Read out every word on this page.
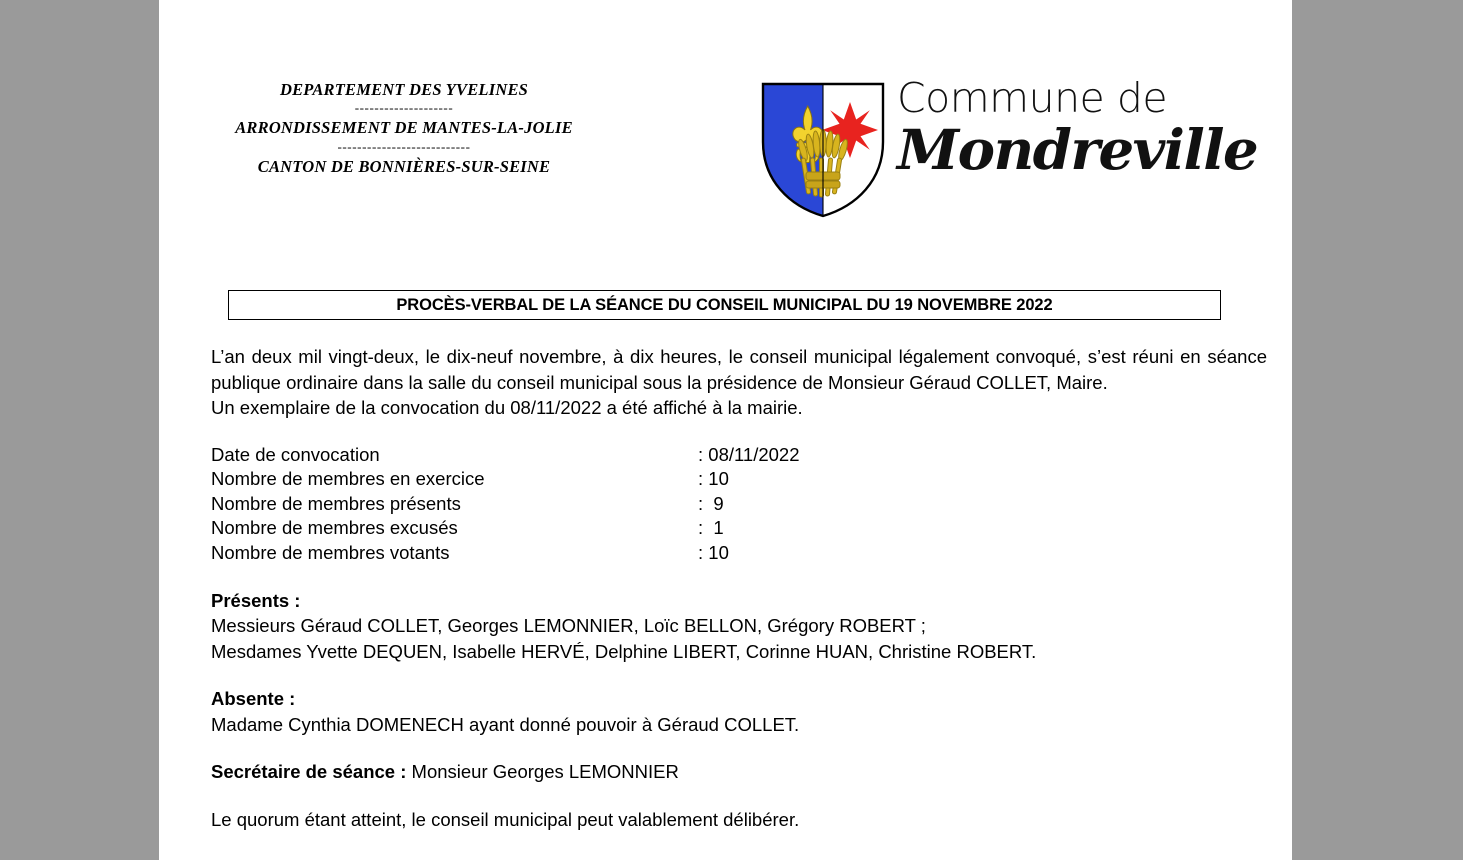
DEPARTEMENT DES YVELINES
--------------------
ARRONDISSEMENT DE MANTES-LA-JOLIE
---------------------------
CANTON DE BONNIÈRES-SUR-SEINE
Commune de
Mondreville
PROCÈS-VERBAL DE LA SÉANCE DU CONSEIL MUNICIPAL DU 19 NOVEMBRE 2022

L’an deux mil vingt-deux, le dix-neuf novembre, à dix heures, le conseil municipal légalement convoqué, s’est réuni en séance publique ordinaire dans la salle du conseil municipal sous la présidence de Monsieur Géraud COLLET, Maire.

Un exemplaire de la convocation du 08/11/2022 a été affiché à la mairie.

Date de convocation	: 08/11/2022
Nombre de membres en exercice	: 10
Nombre de membres présents	:  9
Nombre de membres excusés	:  1
Nombre de membres votants	: 10
Présents :
Messieurs Géraud COLLET, Georges LEMONNIER, Loïc BELLON, Grégory ROBERT ;
Mesdames Yvette DEQUEN, Isabelle HERVÉ, Delphine LIBERT, Corinne HUAN, Christine ROBERT.
Absente :
Madame Cynthia DOMENECH ayant donné pouvoir à Géraud COLLET.
Secrétaire de séance : Monsieur Georges LEMONNIER
Le quorum étant atteint, le conseil municipal peut valablement délibérer.
